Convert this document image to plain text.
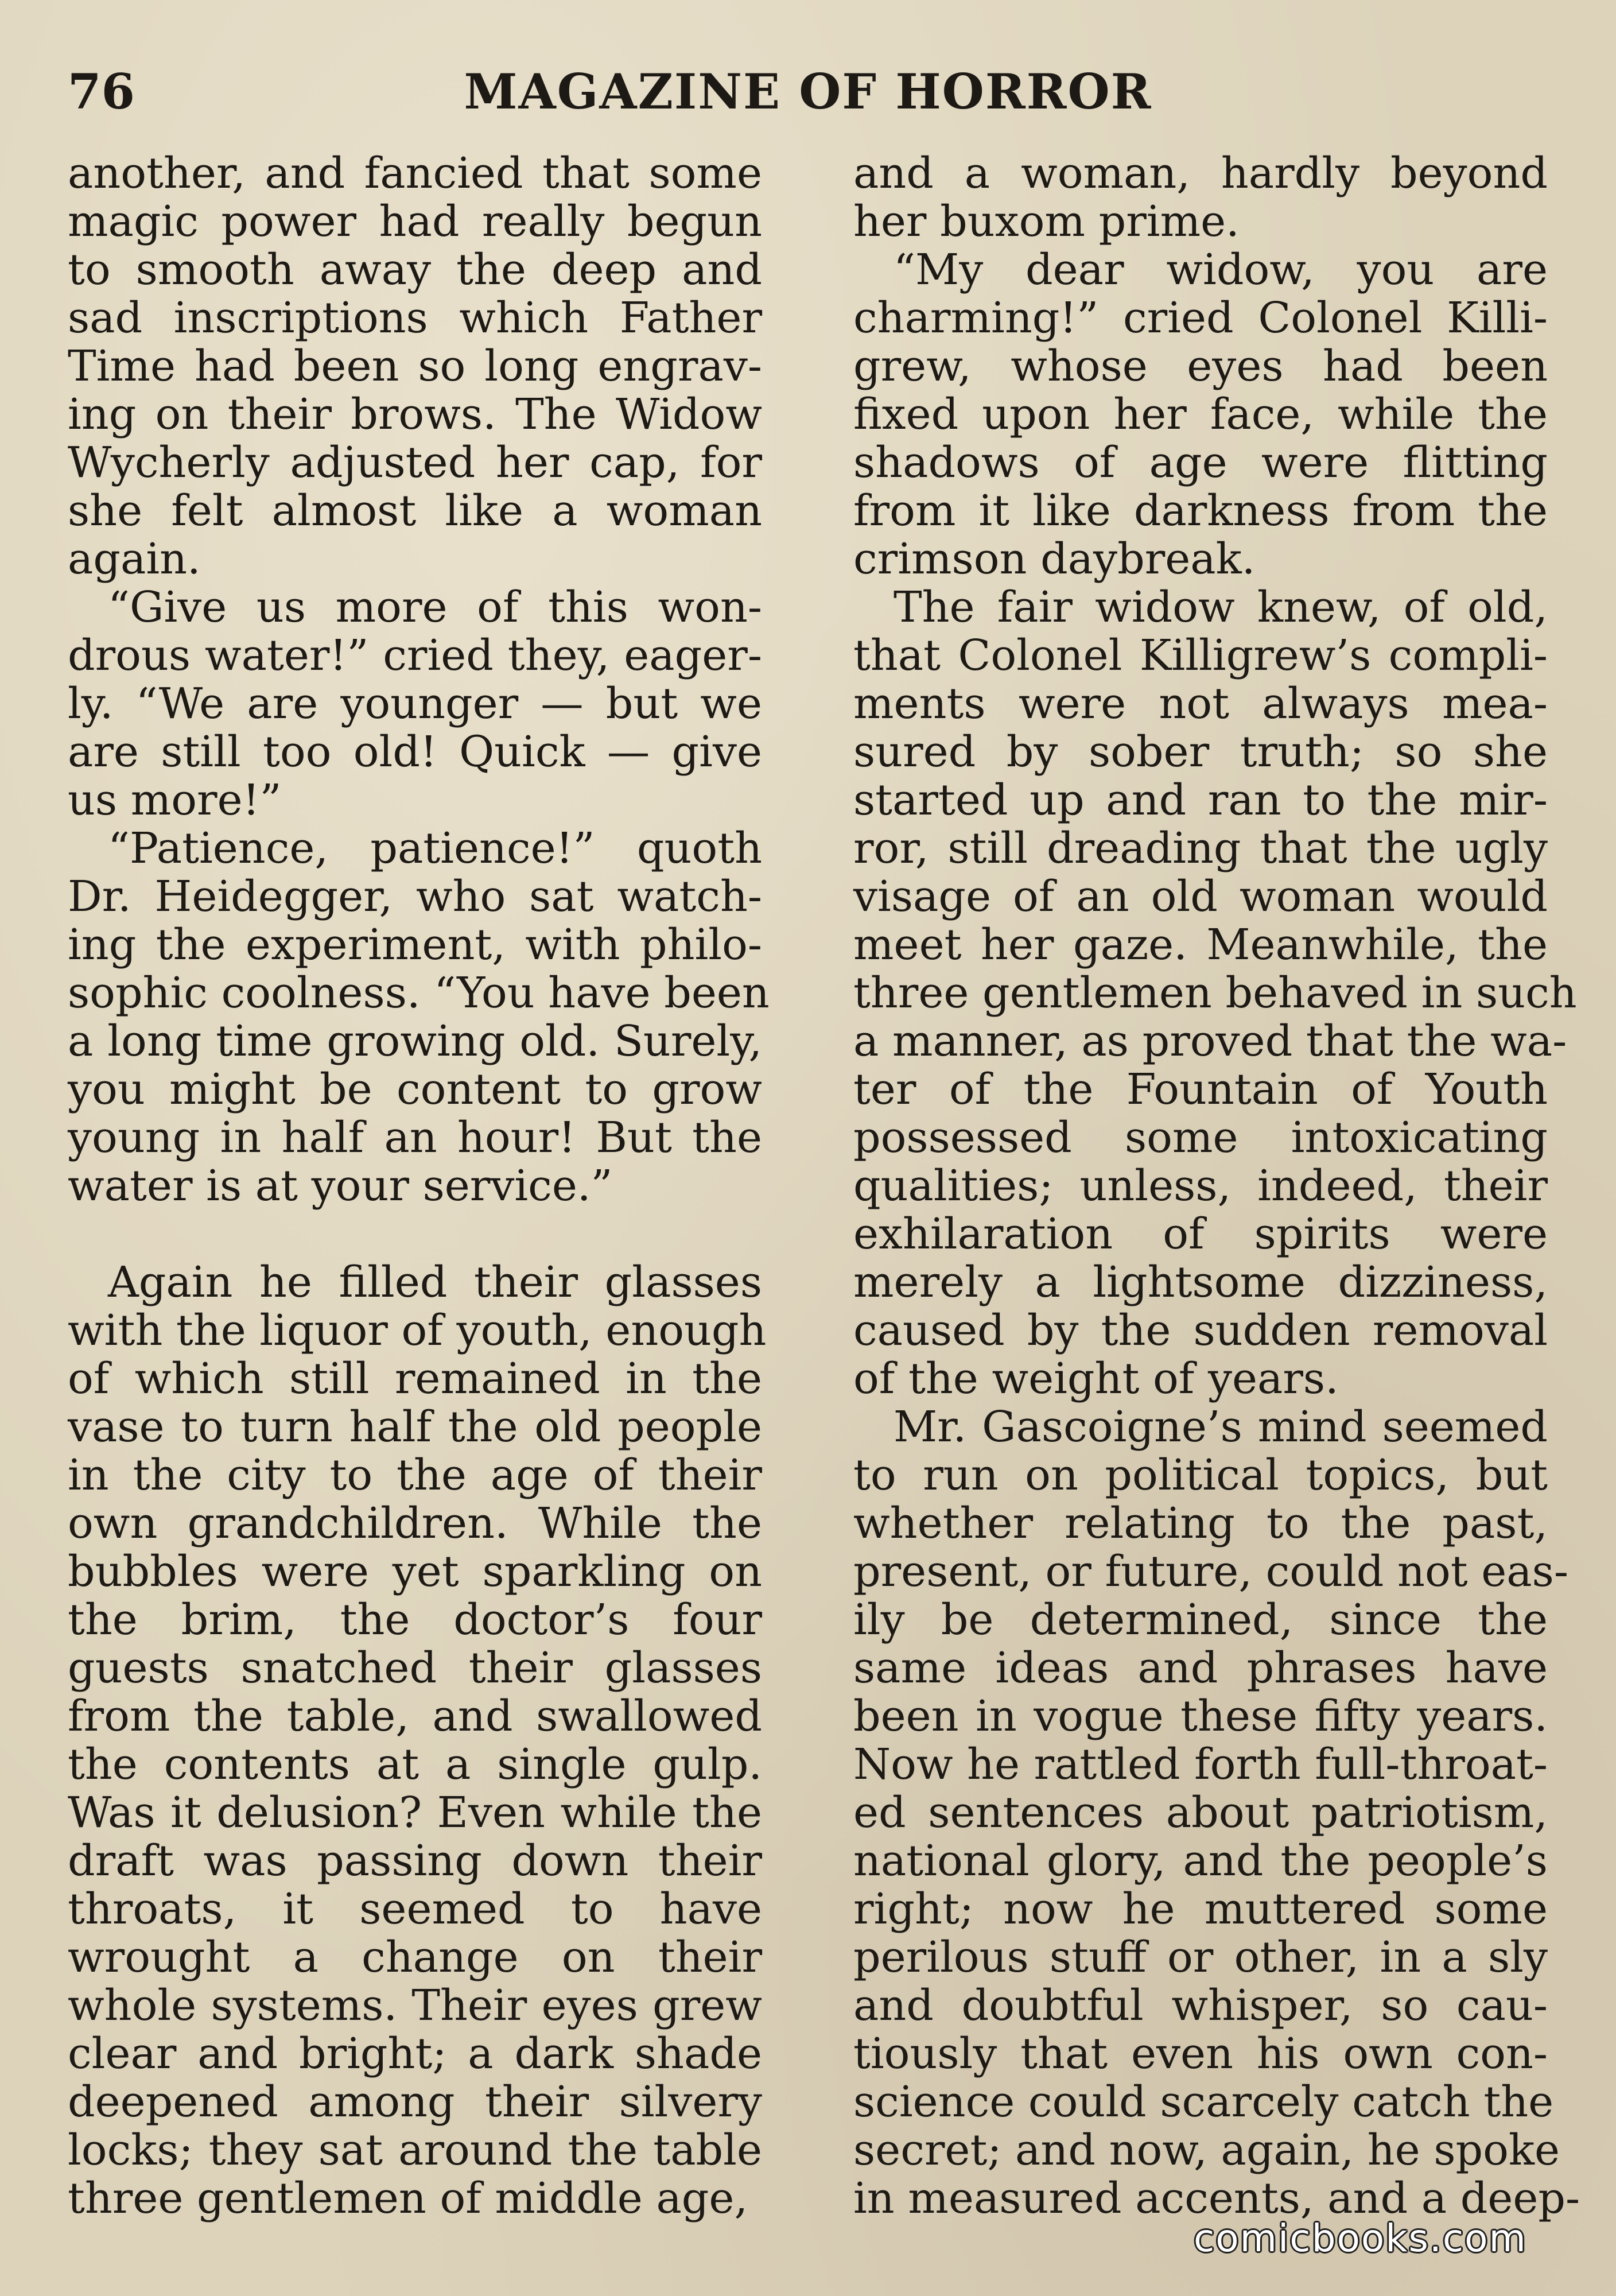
76	MAGAZINE OF HORROR
another, and fancied that some
magic power had really begun
to smooth away the deep and
sad inscriptions which Father
Time had been so long engrav-
ing on their brows. The Widow
Wycherly adjusted her cap, for
she felt almost like a woman
again.
“Give us more of this won-
drous water!” cried they, eager-
ly. “We are younger — but we
are still too old! Quick — give
us more!”
“Patience, patience!” quoth
Dr. Heidegger, who sat watch-
ing the experiment, with philo-
sophic coolness. “You have been
a long time growing old. Surely,
you might be content to grow
young in half an hour! But the
water is at your service.”
Again he filled their glasses
with the liquor of youth, enough
of which still remained in the
vase to turn half the old people
in the city to the age of their
own grandchildren. While the
bubbles were yet sparkling on
the brim, the doctor’s four
guests snatched their glasses
from the table, and swallowed
the contents at a single gulp.
Was it delusion? Even while the
draft was passing down their
throats, it seemed to have
wrought a change on their
whole systems. Their eyes grew
clear and bright; a dark shade
deepened among their silvery
locks; they sat around the table
three gentlemen of middle age,
and a woman, hardly beyond
her buxom prime.
“My dear widow, you are
charming!” cried Colonel Killi-
grew, whose eyes had been
fixed upon her face, while the
shadows of age were flitting
from it like darkness from the
crimson daybreak.
The fair widow knew, of old,
that Colonel Killigrew’s compli-
ments were not always mea-
sured by sober truth; so she
started up and ran to the mir-
ror, still dreading that the ugly
visage of an old woman would
meet her gaze. Meanwhile, the
three gentlemen behaved in such
a manner, as proved that the wa-
ter of the Fountain of Youth
possessed some intoxicating
qualities; unless, indeed, their
exhilaration of spirits were
merely a lightsome dizziness,
caused by the sudden removal
of the weight of years.
Mr. Gascoigne’s mind seemed
to run on political topics, but
whether relating to the past,
present, or future, could not eas-
ily be determined, since the
same ideas and phrases have
been in vogue these fifty years.
Now he rattled forth full-throat-
ed sentences about patriotism,
national glory, and the people’s
right; now he muttered some
perilous stuff or other, in a sly
and doubtful whisper, so cau-
tiously that even his own con-
science could scarcely catch the
secret; and now, again, he spoke
in measured accents, and a deep-
comicbooks.com
